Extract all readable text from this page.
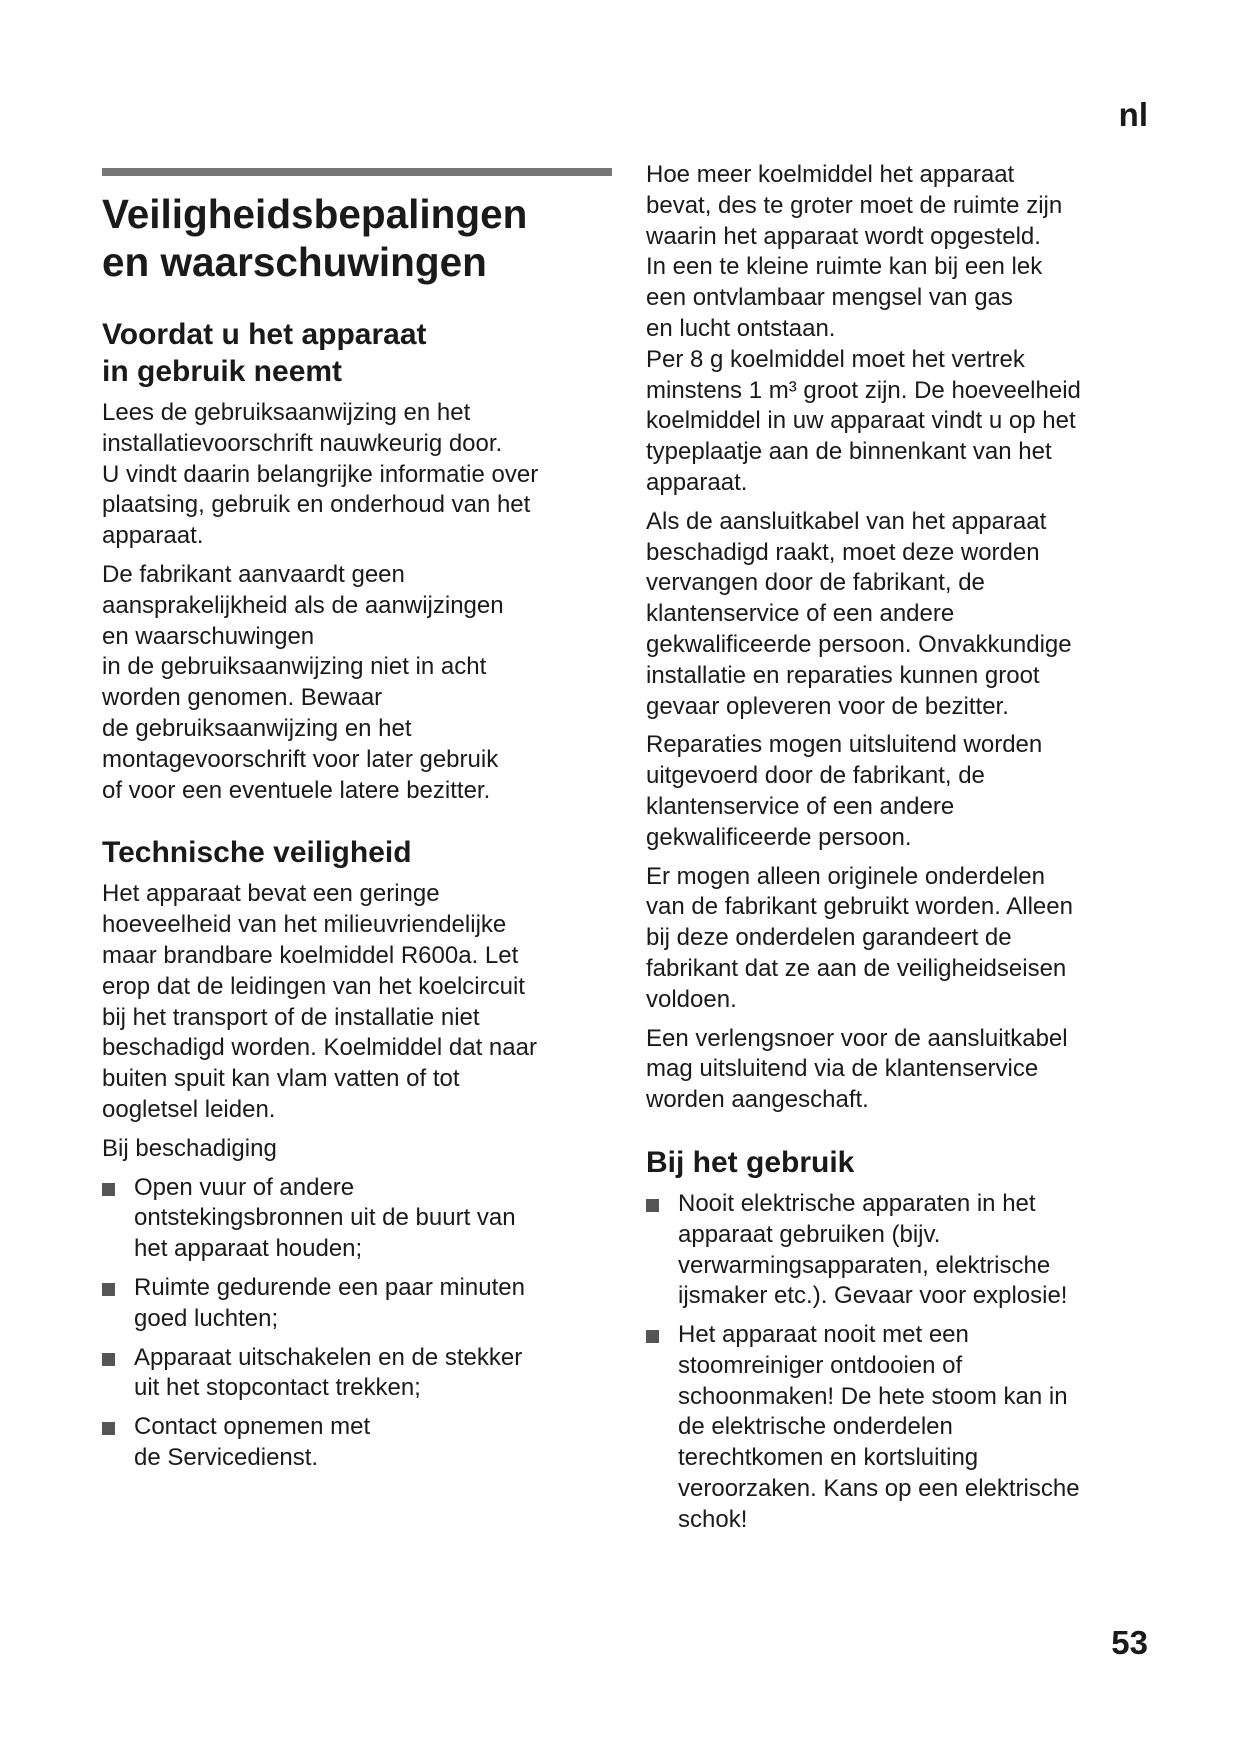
nl
Veiligheidsbepalingen
en waarschuwingen
Voordat u het apparaat
in gebruik neemt
Lees de gebruiksaanwijzing en het
installatievoorschrift nauwkeurig door.
U vindt daarin belangrijke informatie over
plaatsing, gebruik en onderhoud van het
apparaat.
De fabrikant aanvaardt geen
aansprakelijkheid als de aanwijzingen
en waarschuwingen
in de gebruiksaanwijzing niet in acht
worden genomen. Bewaar
de gebruiksaanwijzing en het
montagevoorschrift voor later gebruik
of voor een eventuele latere bezitter.
Technische veiligheid
Het apparaat bevat een geringe
hoeveelheid van het milieuvriendelijke
maar brandbare koelmiddel R600a. Let
erop dat de leidingen van het koelcircuit
bij het transport of de installatie niet
beschadigd worden. Koelmiddel dat naar
buiten spuit kan vlam vatten of tot
oogletsel leiden.
Bij beschadiging
Open vuur of andere
ontstekingsbronnen uit de buurt van
het apparaat houden;
Ruimte gedurende een paar minuten
goed luchten;
Apparaat uitschakelen en de stekker
uit het stopcontact trekken;
Contact opnemen met
de Servicedienst.
Hoe meer koelmiddel het apparaat
bevat, des te groter moet de ruimte zijn
waarin het apparaat wordt opgesteld.
In een te kleine ruimte kan bij een lek
een ontvlambaar mengsel van gas
en lucht ontstaan.
Per 8 g koelmiddel moet het vertrek
minstens 1 m³ groot zijn. De hoeveelheid
koelmiddel in uw apparaat vindt u op het
typeplaatje aan de binnenkant van het
apparaat.
Als de aansluitkabel van het apparaat
beschadigd raakt, moet deze worden
vervangen door de fabrikant, de
klantenservice of een andere
gekwalificeerde persoon. Onvakkundige
installatie en reparaties kunnen groot
gevaar opleveren voor de bezitter.
Reparaties mogen uitsluitend worden
uitgevoerd door de fabrikant, de
klantenservice of een andere
gekwalificeerde persoon.
Er mogen alleen originele onderdelen
van de fabrikant gebruikt worden. Alleen
bij deze onderdelen garandeert de
fabrikant dat ze aan de veiligheidseisen
voldoen.
Een verlengsnoer voor de aansluitkabel
mag uitsluitend via de klantenservice
worden aangeschaft.
Bij het gebruik
Nooit elektrische apparaten in het
apparaat gebruiken (bijv.
verwarmingsapparaten, elektrische
ijsmaker etc.). Gevaar voor explosie!
Het apparaat nooit met een
stoomreiniger ontdooien of
schoonmaken! De hete stoom kan in
de elektrische onderdelen
terechtkomen en kortsluiting
veroorzaken. Kans op een elektrische
schok!
53
